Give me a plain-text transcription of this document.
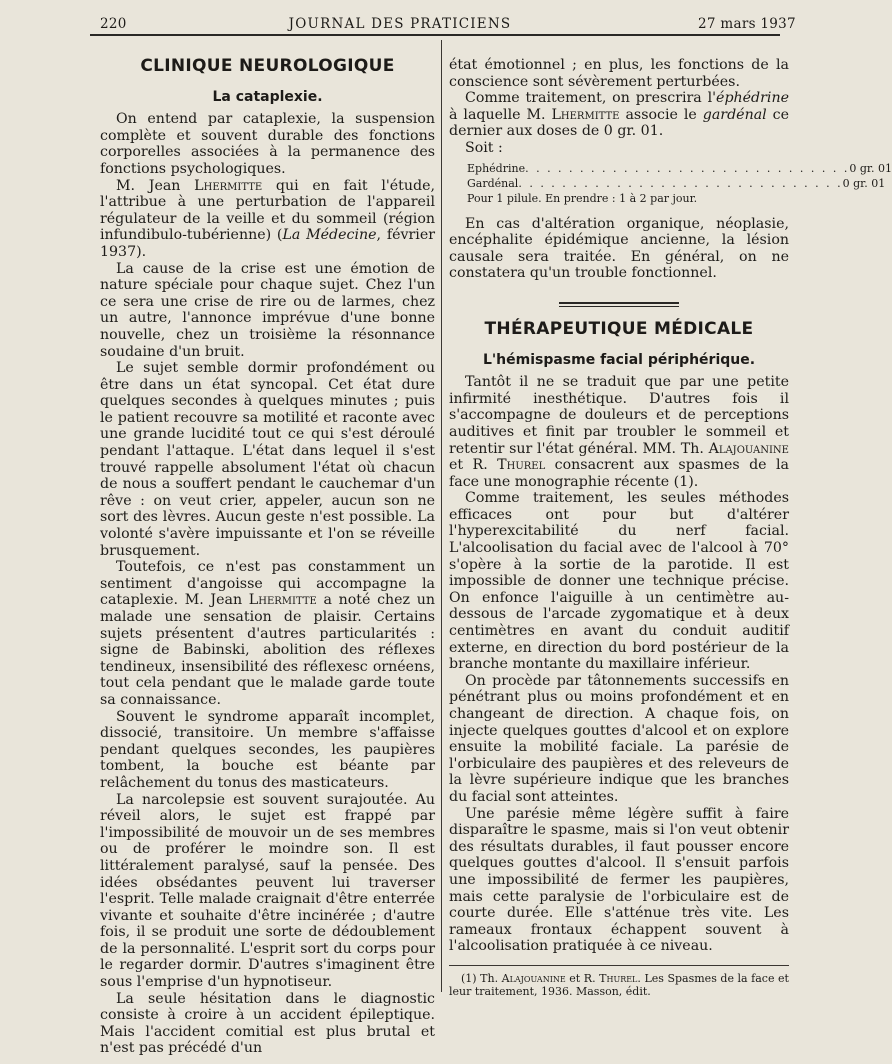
220	JOURNAL DES PRATICIENS	27 mars 1937
CLINIQUE NEUROLOGIQUE
La cataplexie.

On entend par cataplexie, la suspension complète et souvent durable des fonctions corporelles associées à la permanence des fonctions psychologiques.

M. Jean Lhermitte qui en fait l'étude, l'attribue à une perturbation de l'appareil régulateur de la veille et du sommeil (région infundibulo-tubérienne) (La Médecine, février 1937).

La cause de la crise est une émotion de nature spéciale pour chaque sujet. Chez l'un ce sera une crise de rire ou de larmes, chez un autre, l'annonce imprévue d'une bonne nouvelle, chez un troisième la résonnance soudaine d'un bruit.

Le sujet semble dormir profondément ou être dans un état syncopal. Cet état dure quelques secondes à quelques minutes ; puis le patient recouvre sa motilité et raconte avec une grande lucidité tout ce qui s'est déroulé pendant l'attaque. L'état dans lequel il s'est trouvé rappelle absolument l'état où chacun de nous a souffert pendant le cauchemar d'un rêve : on veut crier, appeler, aucun son ne sort des lèvres. Aucun geste n'est possible. La volonté s'avère impuissante et l'on se réveille brusquement.

Toutefois, ce n'est pas constamment un sentiment d'angoisse qui accompagne la cataplexie. M. Jean Lhermitte a noté chez un malade une sensation de plaisir. Certains sujets présentent d'autres particularités : signe de Babinski, abolition des réflexes tendineux, insensibilité des réflexesc ornéens, tout cela pendant que le malade garde toute sa connaissance.

Souvent le syndrome apparaît incomplet, dissocié, transitoire. Un membre s'affaisse pendant quelques secondes, les paupières tombent, la bouche est béante par relâchement du tonus des masticateurs.

La narcolepsie est souvent surajoutée. Au réveil alors, le sujet est frappé par l'impossibilité de mouvoir un de ses membres ou de proférer le moindre son. Il est littéralement paralysé, sauf la pensée. Des idées obsédantes peuvent lui traverser l'esprit. Telle malade craignait d'être enterrée vivante et souhaite d'être incinérée ; d'autre fois, il se produit une sorte de dédoublement de la personnalité. L'esprit sort du corps pour le regarder dormir. D'autres s'imaginent être sous l'emprise d'un hypnotiseur.

La seule hésitation dans le diagnostic consiste à croire à un accident épileptique. Mais l'accident comitial est plus brutal et n'est pas précédé d'un

état émotionnel ; en plus, les fonctions de la conscience sont sévèrement perturbées.

Comme traitement, on prescrira l'éphédrine à laquelle M. Lhermitte associe le gardénal ce dernier aux doses de 0 gr. 01.

Soit :

Ephédrine . . . . . . . . . . . . . . . . . . . . . . . . . . . . . . 0 gr. 01
Gardénal . . . . . . . . . . . . . . . . . . . . . . . . . . . . . . 0 gr. 01
Pour 1 pilule. En prendre : 1 à 2 par jour.

En cas d'altération organique, néoplasie, encéphalite épidémique ancienne, la lésion causale sera traitée. En général, on ne constatera qu'un trouble fonctionnel.

THÉRAPEUTIQUE MÉDICALE
L'hémispasme facial périphérique.

Tantôt il ne se traduit que par une petite infirmité inesthétique. D'autres fois il s'accompagne de douleurs et de perceptions auditives et finit par troubler le sommeil et retentir sur l'état général. MM. Th. Alajouanine et R. Thurel consacrent aux spasmes de la face une monographie récente (1).

Comme traitement, les seules méthodes efficaces ont pour but d'altérer l'hyperexcitabilité du nerf facial. L'alcoolisation du facial avec de l'alcool à 70° s'opère à la sortie de la parotide. Il est impossible de donner une technique précise. On enfonce l'aiguille à un centimètre au-dessous de l'arcade zygomatique et à deux centimètres en avant du conduit auditif externe, en direction du bord postérieur de la branche montante du maxillaire inférieur.

On procède par tâtonnements successifs en pénétrant plus ou moins profondément et en changeant de direction. A chaque fois, on injecte quelques gouttes d'alcool et on explore ensuite la mobilité faciale. La parésie de l'orbiculaire des paupières et des releveurs de la lèvre supérieure indique que les branches du facial sont atteintes.

Une parésie même légère suffit à faire disparaître le spasme, mais si l'on veut obtenir des résultats durables, il faut pousser encore quelques gouttes d'alcool. Il s'ensuit parfois une impossibilité de fermer les paupières, mais cette paralysie de l'orbiculaire est de courte durée. Elle s'atténue très vite. Les rameaux frontaux échappent souvent à l'alcoolisation pratiquée à ce niveau.

(1) Th. Alajouanine et R. Thurel. Les Spasmes de la face et leur traitement, 1936. Masson, édit.
